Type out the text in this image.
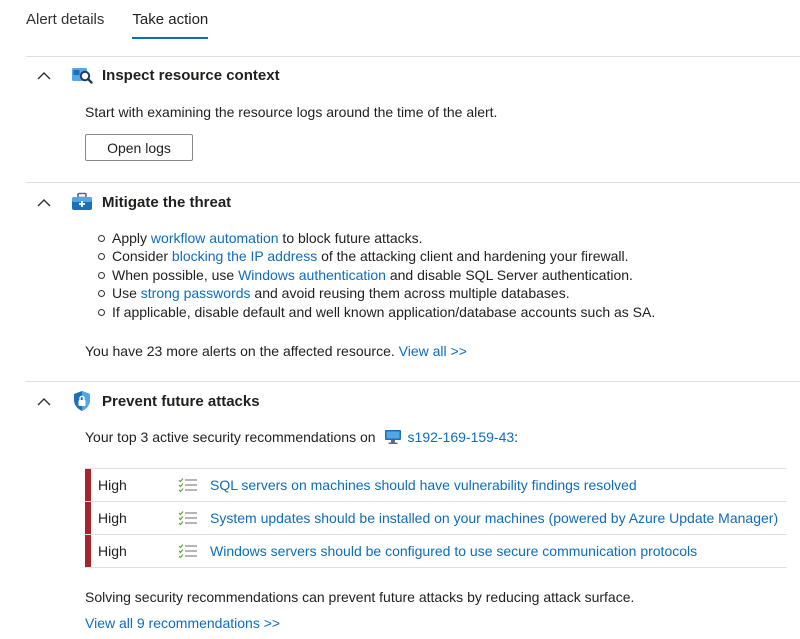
Alert details Take action
Inspect resource context
Start with examining the resource logs around the time of the alert.
Open logs
Mitigate the threat
Apply workflow automation to block future attacks.
Consider blocking the IP address of the attacking client and hardening your firewall.
When possible, use Windows authentication and disable SQL Server authentication.
Use strong passwords and avoid reusing them across multiple databases.
If applicable, disable default and well known application/database accounts such as SA.
You have 23 more alerts on the affected resource. View all >>
Prevent future attacks
Your top 3 active security recommendations on s192-169-159-43:
High	SQL servers on machines should have vulnerability findings resolved
High	System updates should be installed on your machines (powered by Azure Update Manager)
High	Windows servers should be configured to use secure communication protocols
Solving security recommendations can prevent future attacks by reducing attack surface.
View all 9 recommendations >>
